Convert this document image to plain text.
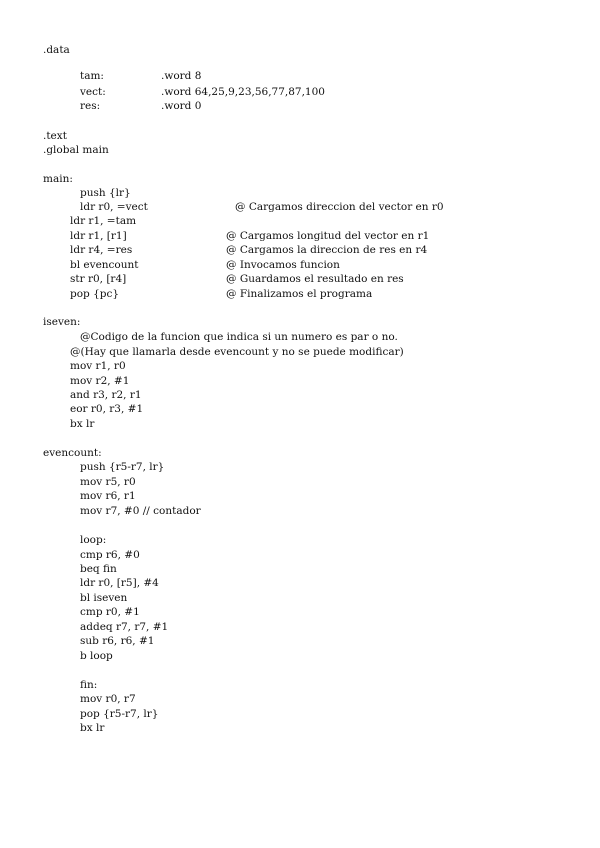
.data
tam:	.word 8
vect:	.word 64,25,9,23,56,77,87,100
res:	.word 0
.text
.global main
main:
push {lr}
ldr r0, =vect	@ Cargamos direccion del vector en r0
ldr r1, =tam
ldr r1, [r1]	@ Cargamos longitud del vector en r1
ldr r4, =res	@ Cargamos la direccion de res en r4
bl evencount	@ Invocamos funcion
str r0, [r4]	@ Guardamos el resultado en res
pop {pc}	@ Finalizamos el programa
iseven:
@Codigo de la funcion que indica si un numero es par o no.
@(Hay que llamarla desde evencount y no se puede modificar)
mov r1, r0
mov r2, #1
and r3, r2, r1
eor r0, r3, #1
bx lr
evencount:
push {r5-r7, lr}
mov r5, r0
mov r6, r1
mov r7, #0 // contador
loop:
cmp r6, #0
beq fin
ldr r0, [r5], #4
bl iseven
cmp r0, #1
addeq r7, r7, #1
sub r6, r6, #1
b loop
fin:
mov r0, r7
pop {r5-r7, lr}
bx lr
